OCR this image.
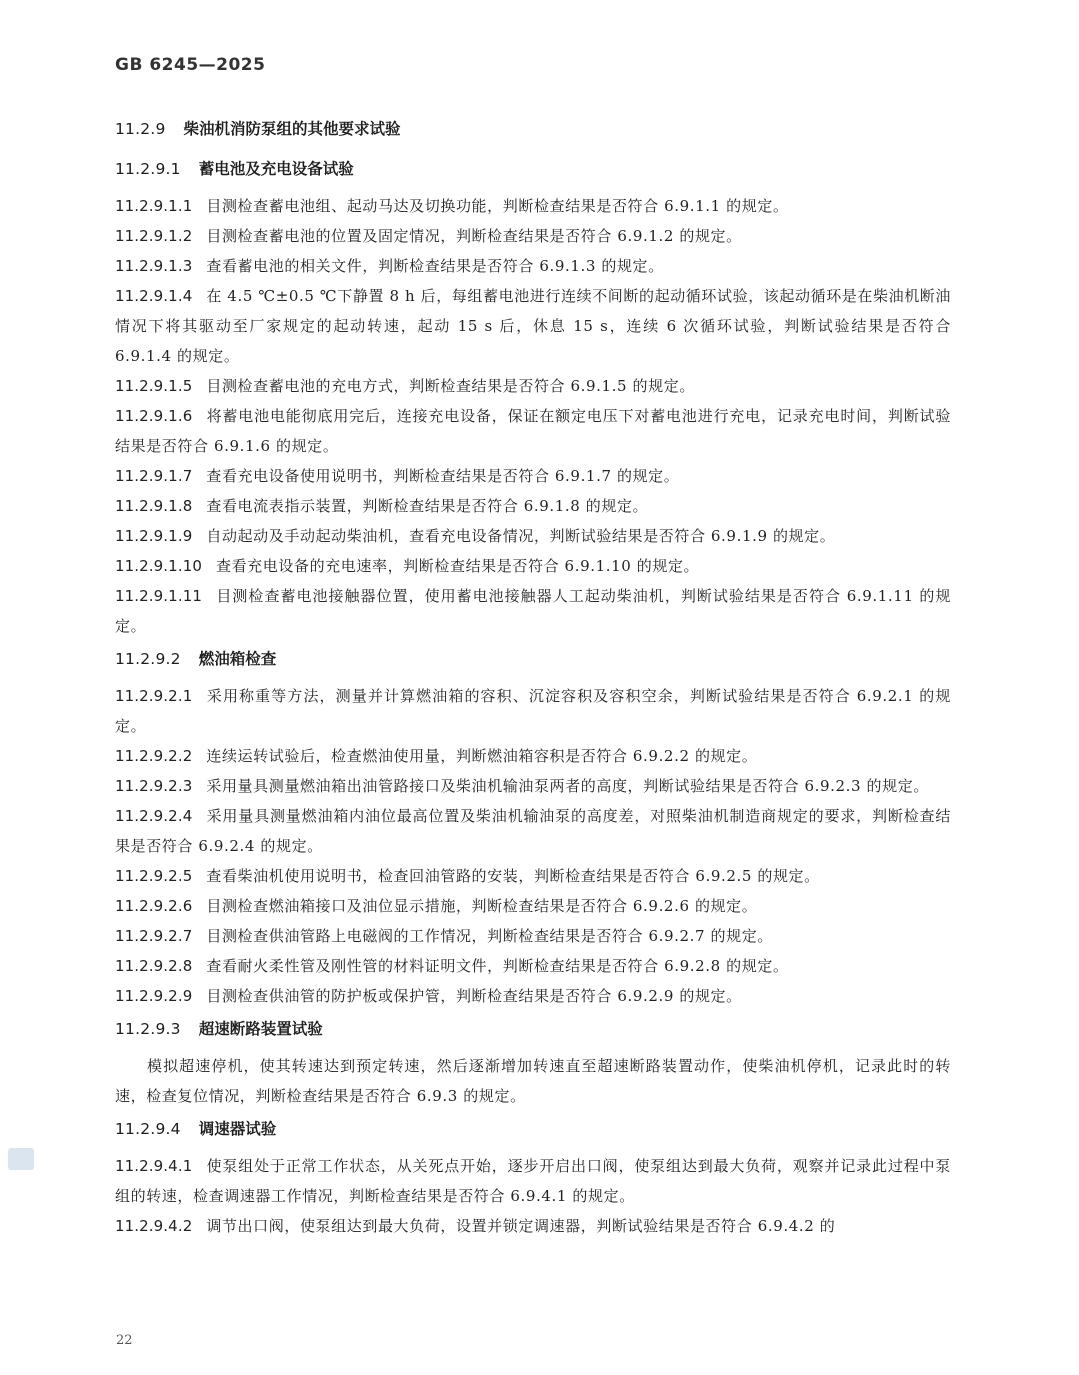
GB 6245—2025
11.2.9 柴油机消防泵组的其他要求试验
11.2.9.1 蓄电池及充电设备试验
11.2.9.1.1 目测检查蓄电池组、起动马达及切换功能，判断检查结果是否符合 6.9.1.1 的规定。
11.2.9.1.2 目测检查蓄电池的位置及固定情况，判断检查结果是否符合 6.9.1.2 的规定。
11.2.9.1.3 查看蓄电池的相关文件，判断检查结果是否符合 6.9.1.3 的规定。
11.2.9.1.4 在 4.5 ℃±0.5 ℃下静置 8 h 后，每组蓄电池进行连续不间断的起动循环试验，该起动循环是在柴油机断油情况下将其驱动至厂家规定的起动转速，起动 15 s 后，休息 15 s，连续 6 次循环试验，判断试验结果是否符合 6.9.1.4 的规定。
11.2.9.1.5 目测检查蓄电池的充电方式，判断检查结果是否符合 6.9.1.5 的规定。
11.2.9.1.6 将蓄电池电能彻底用完后，连接充电设备，保证在额定电压下对蓄电池进行充电，记录充电时间，判断试验结果是否符合 6.9.1.6 的规定。
11.2.9.1.7 查看充电设备使用说明书，判断检查结果是否符合 6.9.1.7 的规定。
11.2.9.1.8 查看电流表指示装置，判断检查结果是否符合 6.9.1.8 的规定。
11.2.9.1.9 自动起动及手动起动柴油机，查看充电设备情况，判断试验结果是否符合 6.9.1.9 的规定。
11.2.9.1.10 查看充电设备的充电速率，判断检查结果是否符合 6.9.1.10 的规定。
11.2.9.1.11 目测检查蓄电池接触器位置，使用蓄电池接触器人工起动柴油机，判断试验结果是否符合 6.9.1.11 的规定。
11.2.9.2 燃油箱检查
11.2.9.2.1 采用称重等方法，测量并计算燃油箱的容积、沉淀容积及容积空余，判断试验结果是否符合 6.9.2.1 的规定。
11.2.9.2.2 连续运转试验后，检查燃油使用量，判断燃油箱容积是否符合 6.9.2.2 的规定。
11.2.9.2.3 采用量具测量燃油箱出油管路接口及柴油机输油泵两者的高度，判断试验结果是否符合 6.9.2.3 的规定。
11.2.9.2.4 采用量具测量燃油箱内油位最高位置及柴油机输油泵的高度差，对照柴油机制造商规定的要求，判断检查结果是否符合 6.9.2.4 的规定。
11.2.9.2.5 查看柴油机使用说明书，检查回油管路的安装，判断检查结果是否符合 6.9.2.5 的规定。
11.2.9.2.6 目测检查燃油箱接口及油位显示措施，判断检查结果是否符合 6.9.2.6 的规定。
11.2.9.2.7 目测检查供油管路上电磁阀的工作情况，判断检查结果是否符合 6.9.2.7 的规定。
11.2.9.2.8 查看耐火柔性管及刚性管的材料证明文件，判断检查结果是否符合 6.9.2.8 的规定。
11.2.9.2.9 目测检查供油管的防护板或保护管，判断检查结果是否符合 6.9.2.9 的规定。
11.2.9.3 超速断路装置试验
模拟超速停机，使其转速达到预定转速，然后逐渐增加转速直至超速断路装置动作，使柴油机停机，记录此时的转速，检查复位情况，判断检查结果是否符合 6.9.3 的规定。
11.2.9.4 调速器试验
11.2.9.4.1 使泵组处于正常工作状态，从关死点开始，逐步开启出口阀，使泵组达到最大负荷，观察并记录此过程中泵组的转速，检查调速器工作情况，判断检查结果是否符合 6.9.4.1 的规定。
11.2.9.4.2 调节出口阀，使泵组达到最大负荷，设置并锁定调速器，判断试验结果是否符合 6.9.4.2 的
22
